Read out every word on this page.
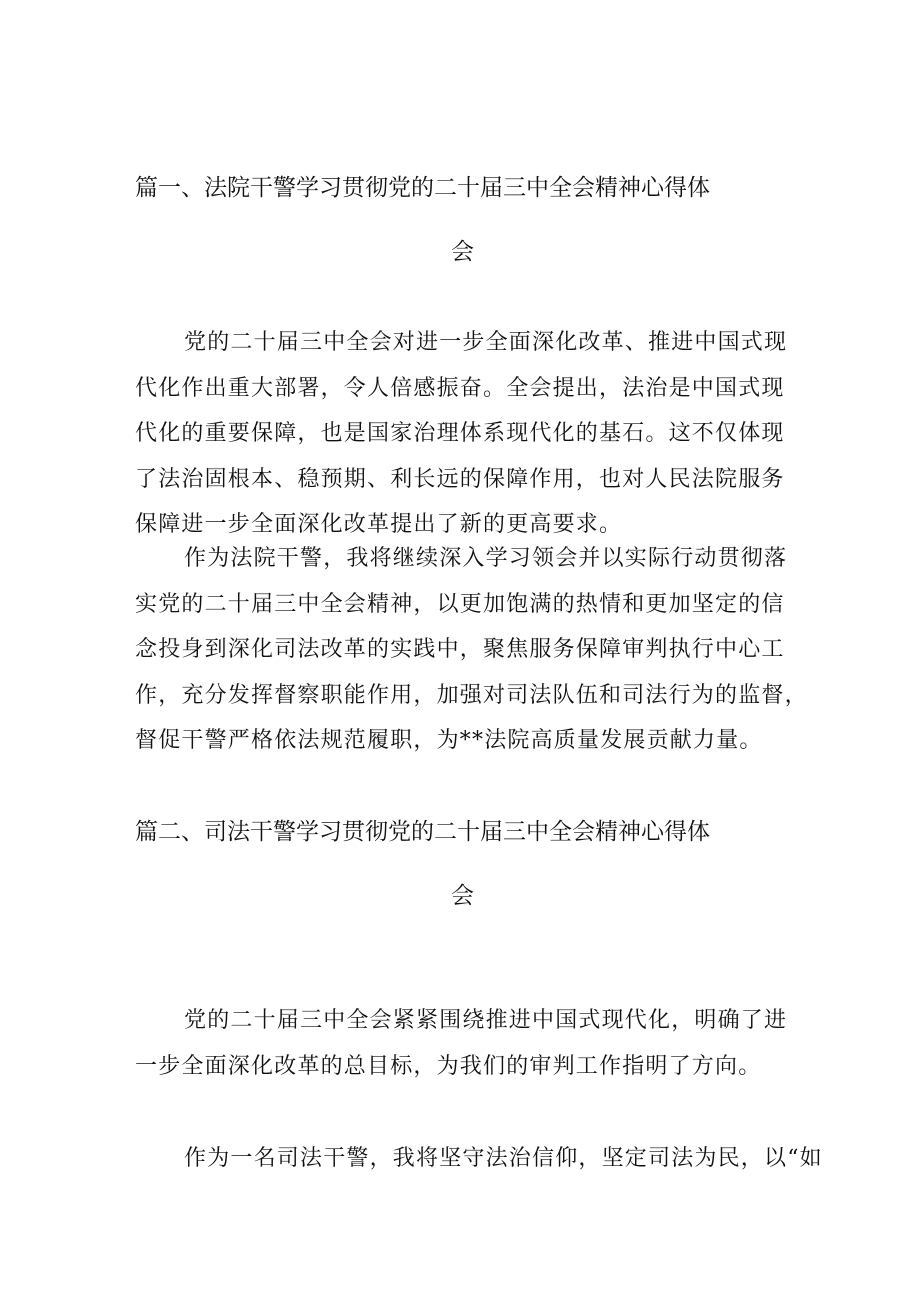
篇一、法院干警学习贯彻党的二十届三中全会精神心得体
会

党的二十届三中全会对进一步全面深化改革、推进中国式现
代化作出重大部署，令人倍感振奋。全会提出，法治是中国式现
代化的重要保障，也是国家治理体系现代化的基石。这不仅体现
了法治固根本、稳预期、利长远的保障作用，也对人民法院服务
保障进一步全面深化改革提出了新的更高要求。

作为法院干警，我将继续深入学习领会并以实际行动贯彻落
实党的二十届三中全会精神，以更加饱满的热情和更加坚定的信
念投身到深化司法改革的实践中，聚焦服务保障审判执行中心工
作，充分发挥督察职能作用，加强对司法队伍和司法行为的监督，
督促干警严格依法规范履职，为**法院高质量发展贡献力量。

篇二、司法干警学习贯彻党的二十届三中全会精神心得体
会

党的二十届三中全会紧紧围绕推进中国式现代化，明确了进
一步全面深化改革的总目标，为我们的审判工作指明了方向。

作为一名司法干警，我将坚守法治信仰，坚定司法为民，以“如
